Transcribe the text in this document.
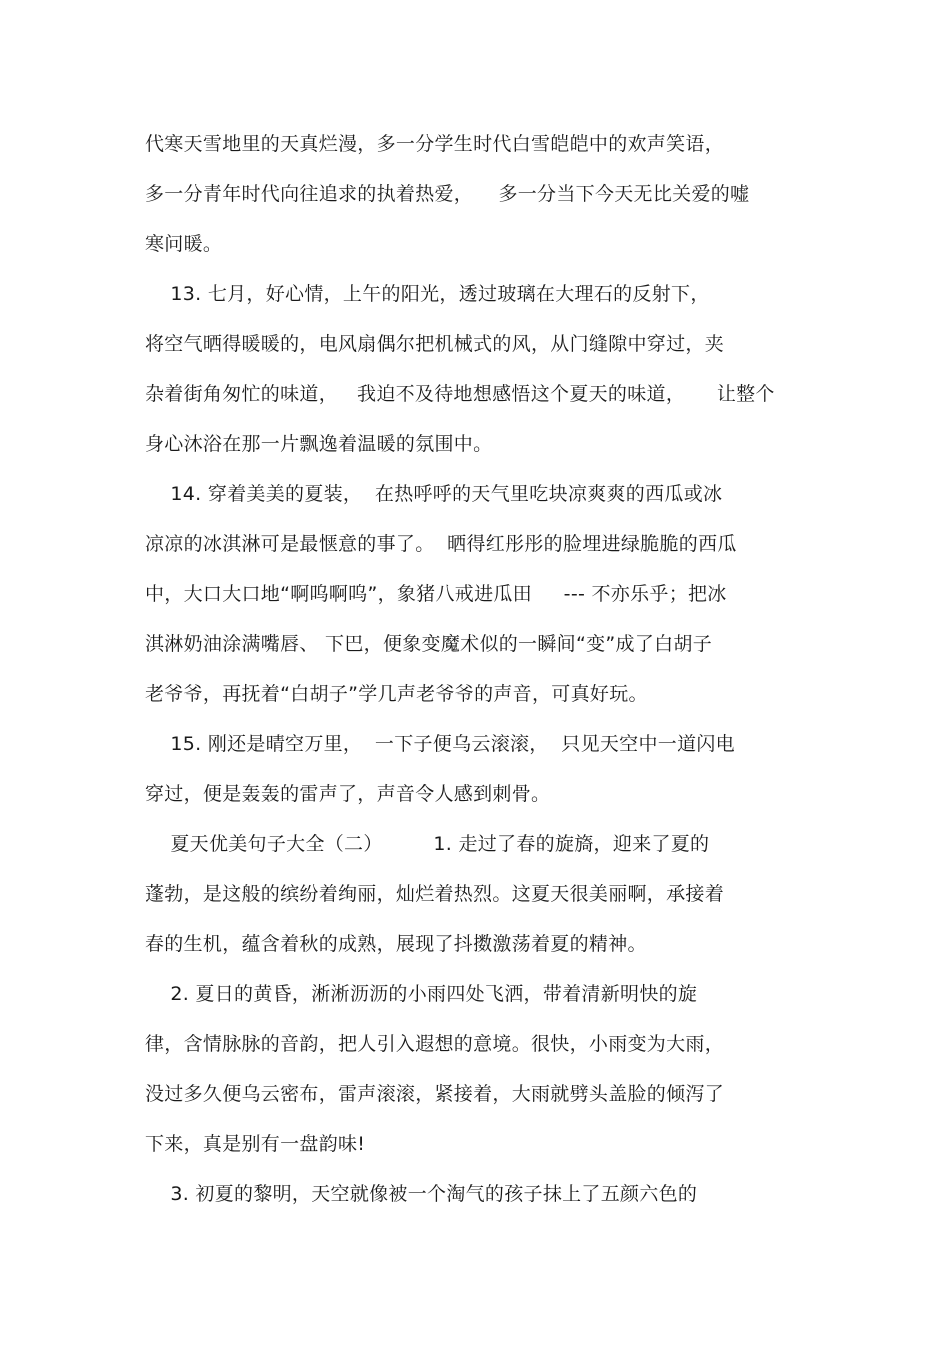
代寒天雪地里的天真烂漫，多一分学生时代白雪皑皑中的欢声笑语，
多一分青年时代向往追求的执着热爱，    多一分当下今天无比关爱的嘘
寒问暖。
13. 七月，好心情，上午的阳光，透过玻璃在大理石的反射下，
将空气晒得暖暖的，电风扇偶尔把机械式的风，从门缝隙中穿过，夹
杂着街角匆忙的味道，   我迫不及待地想感悟这个夏天的味道，     让整个
身心沐浴在那一片飘逸着温暖的氛围中。
14. 穿着美美的夏装，  在热呼呼的天气里吃块凉爽爽的西瓜或冰
凉凉的冰淇淋可是最惬意的事了。  晒得红彤彤的脸埋进绿脆脆的西瓜
中，大口大口地“啊呜啊呜”，象猪八戒进瓜田     --- 不亦乐乎；把冰
淇淋奶油涂满嘴唇、 下巴，便象变魔术似的一瞬间“变”成了白胡子
老爷爷，再抚着“白胡子”学几声老爷爷的声音，可真好玩。
15. 刚还是晴空万里，  一下子便乌云滚滚，  只见天空中一道闪电
穿过，便是轰轰的雷声了，声音令人感到刺骨。
夏天优美句子大全（二）        1. 走过了春的旋旖，迎来了夏的
蓬勃，是这般的缤纷着绚丽，灿烂着热烈。这夏天很美丽啊，承接着
春的生机，蕴含着秋的成熟，展现了抖擞激荡着夏的精神。
2. 夏日的黄昏，淅淅沥沥的小雨四处飞洒，带着清新明快的旋
律，含情脉脉的音韵，把人引入遐想的意境。很快，小雨变为大雨，
没过多久便乌云密布，雷声滚滚，紧接着，大雨就劈头盖脸的倾泻了
下来，真是别有一盘韵味!
3. 初夏的黎明，天空就像被一个淘气的孩子抹上了五颜六色的
